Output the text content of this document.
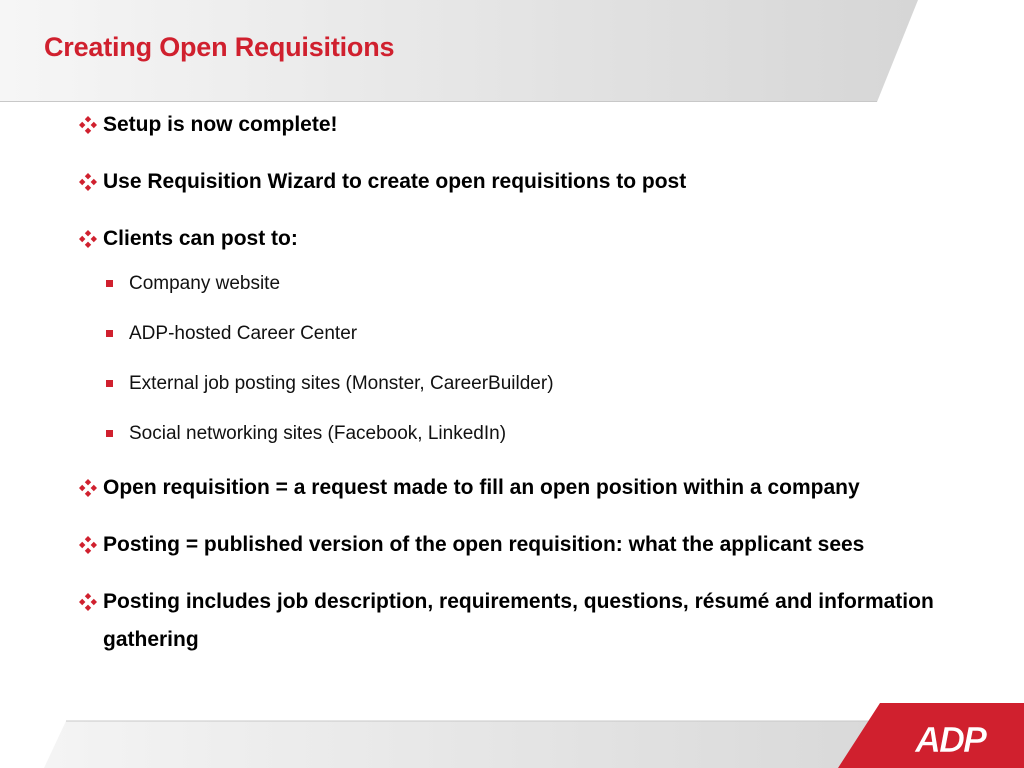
Creating Open Requisitions
Setup is now complete!
Use Requisition Wizard to create open requisitions to post
Clients can post to:
Company website
ADP-hosted Career Center
External job posting sites (Monster, CareerBuilder)
Social networking sites (Facebook, LinkedIn)
Open requisition = a request made to fill an open position within a company
Posting = published version of the open requisition: what the applicant sees
Posting includes job description, requirements, questions, résumé and information gathering
ADP
